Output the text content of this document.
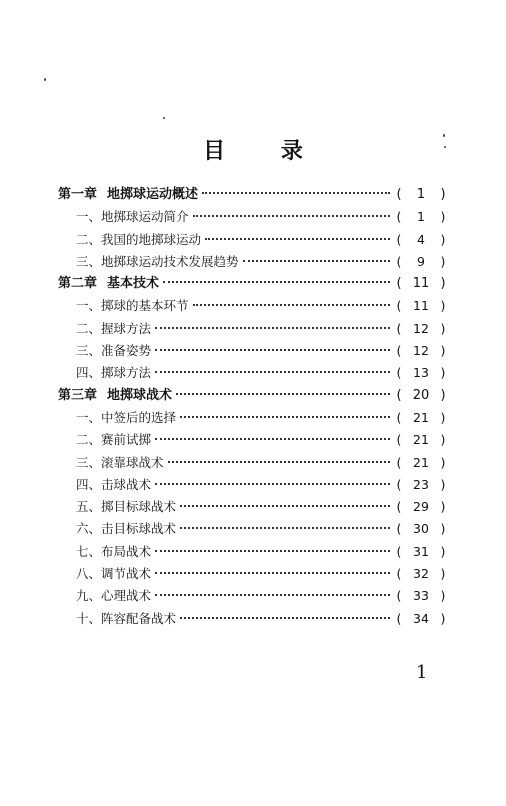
目 录
第一章 地掷球运动概述	(	1	)
一、 地掷球运动简介	(	1	)
二、 我国的地掷球运动	(	4	)
三、 地掷球运动技术发展趋势	(	9	)
第二章 基本技术	( 11 )
一、 掷球的基本环节	( 11 )
二、 握球方法	( 12 )
三、 准备姿势	( 12 )
四、 掷球方法	( 13 )
第三章 地掷球战术	( 20 )
一、 中签后的选择	( 21 )
二、 赛前试掷	( 21 )
三、 滚靠球战术	( 21 )
四、 击球战术	( 23 )
五、 掷目标球战术	( 29 )
六、 击目标球战术	( 30 )
七、 布局战术	( 31 )
八、 调节战术	( 32 )
九、 心理战术	( 33 )
十、 阵容配备战术	( 34 )
1
